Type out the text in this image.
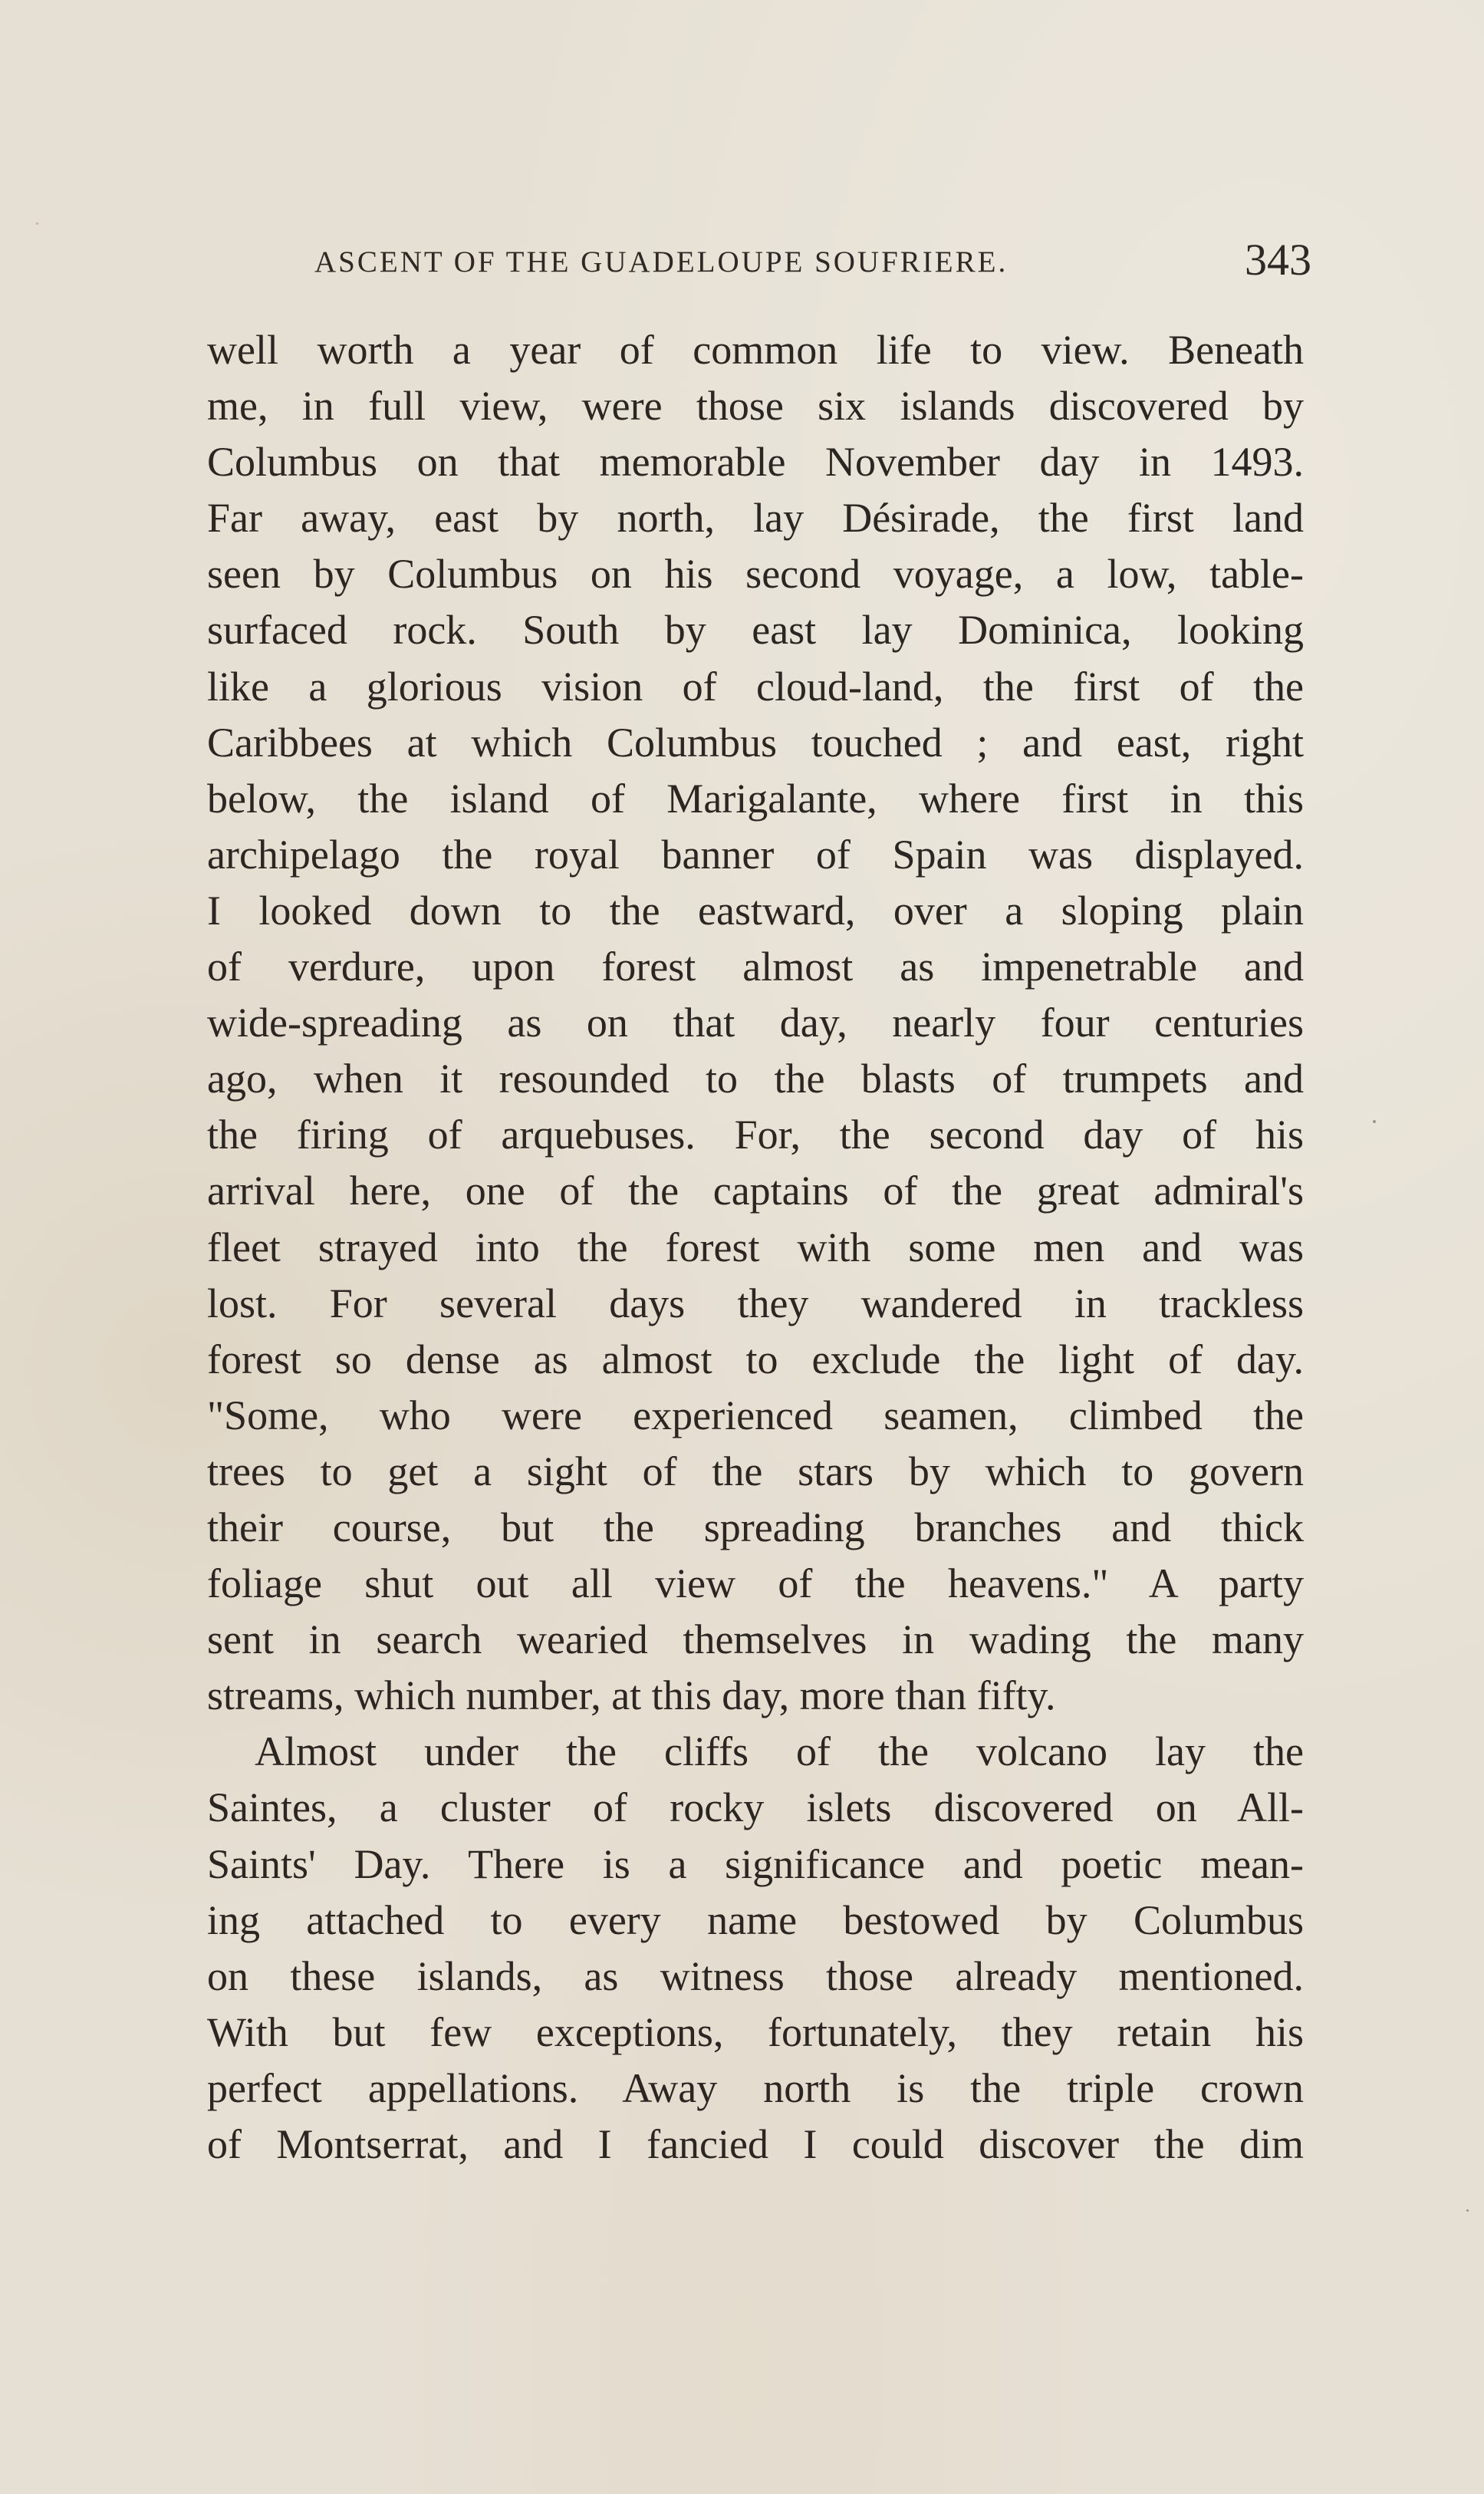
ASCENT OF THE GUADELOUPE SOUFRIERE.	343
well worth a year of common life to view. Beneath
me, in full view, were those six islands discovered by
Columbus on that memorable November day in 1493.
Far away, east by north, lay Désirade, the first land
seen by Columbus on his second voyage, a low, table-
surfaced rock. South by east lay Dominica, looking
like a glorious vision of cloud-land, the first of the
Caribbees at which Columbus touched ; and east, right
below, the island of Marigalante, where first in this
archipelago the royal banner of Spain was displayed.
I looked down to the eastward, over a sloping plain
of verdure, upon forest almost as impenetrable and
wide-spreading as on that day, nearly four centuries
ago, when it resounded to the blasts of trumpets and
the firing of arquebuses. For, the second day of his
arrival here, one of the captains of the great admiral's
fleet strayed into the forest with some men and was
lost. For several days they wandered in trackless
forest so dense as almost to exclude the light of day.
"Some, who were experienced seamen, climbed the
trees to get a sight of the stars by which to govern
their course, but the spreading branches and thick
foliage shut out all view of the heavens." A party
sent in search wearied themselves in wading the many
streams, which number, at this day, more than fifty.
Almost under the cliffs of the volcano lay the
Saintes, a cluster of rocky islets discovered on All-
Saints' Day. There is a significance and poetic mean-
ing attached to every name bestowed by Columbus
on these islands, as witness those already mentioned.
With but few exceptions, fortunately, they retain his
perfect appellations. Away north is the triple crown
of Montserrat, and I fancied I could discover the dim
